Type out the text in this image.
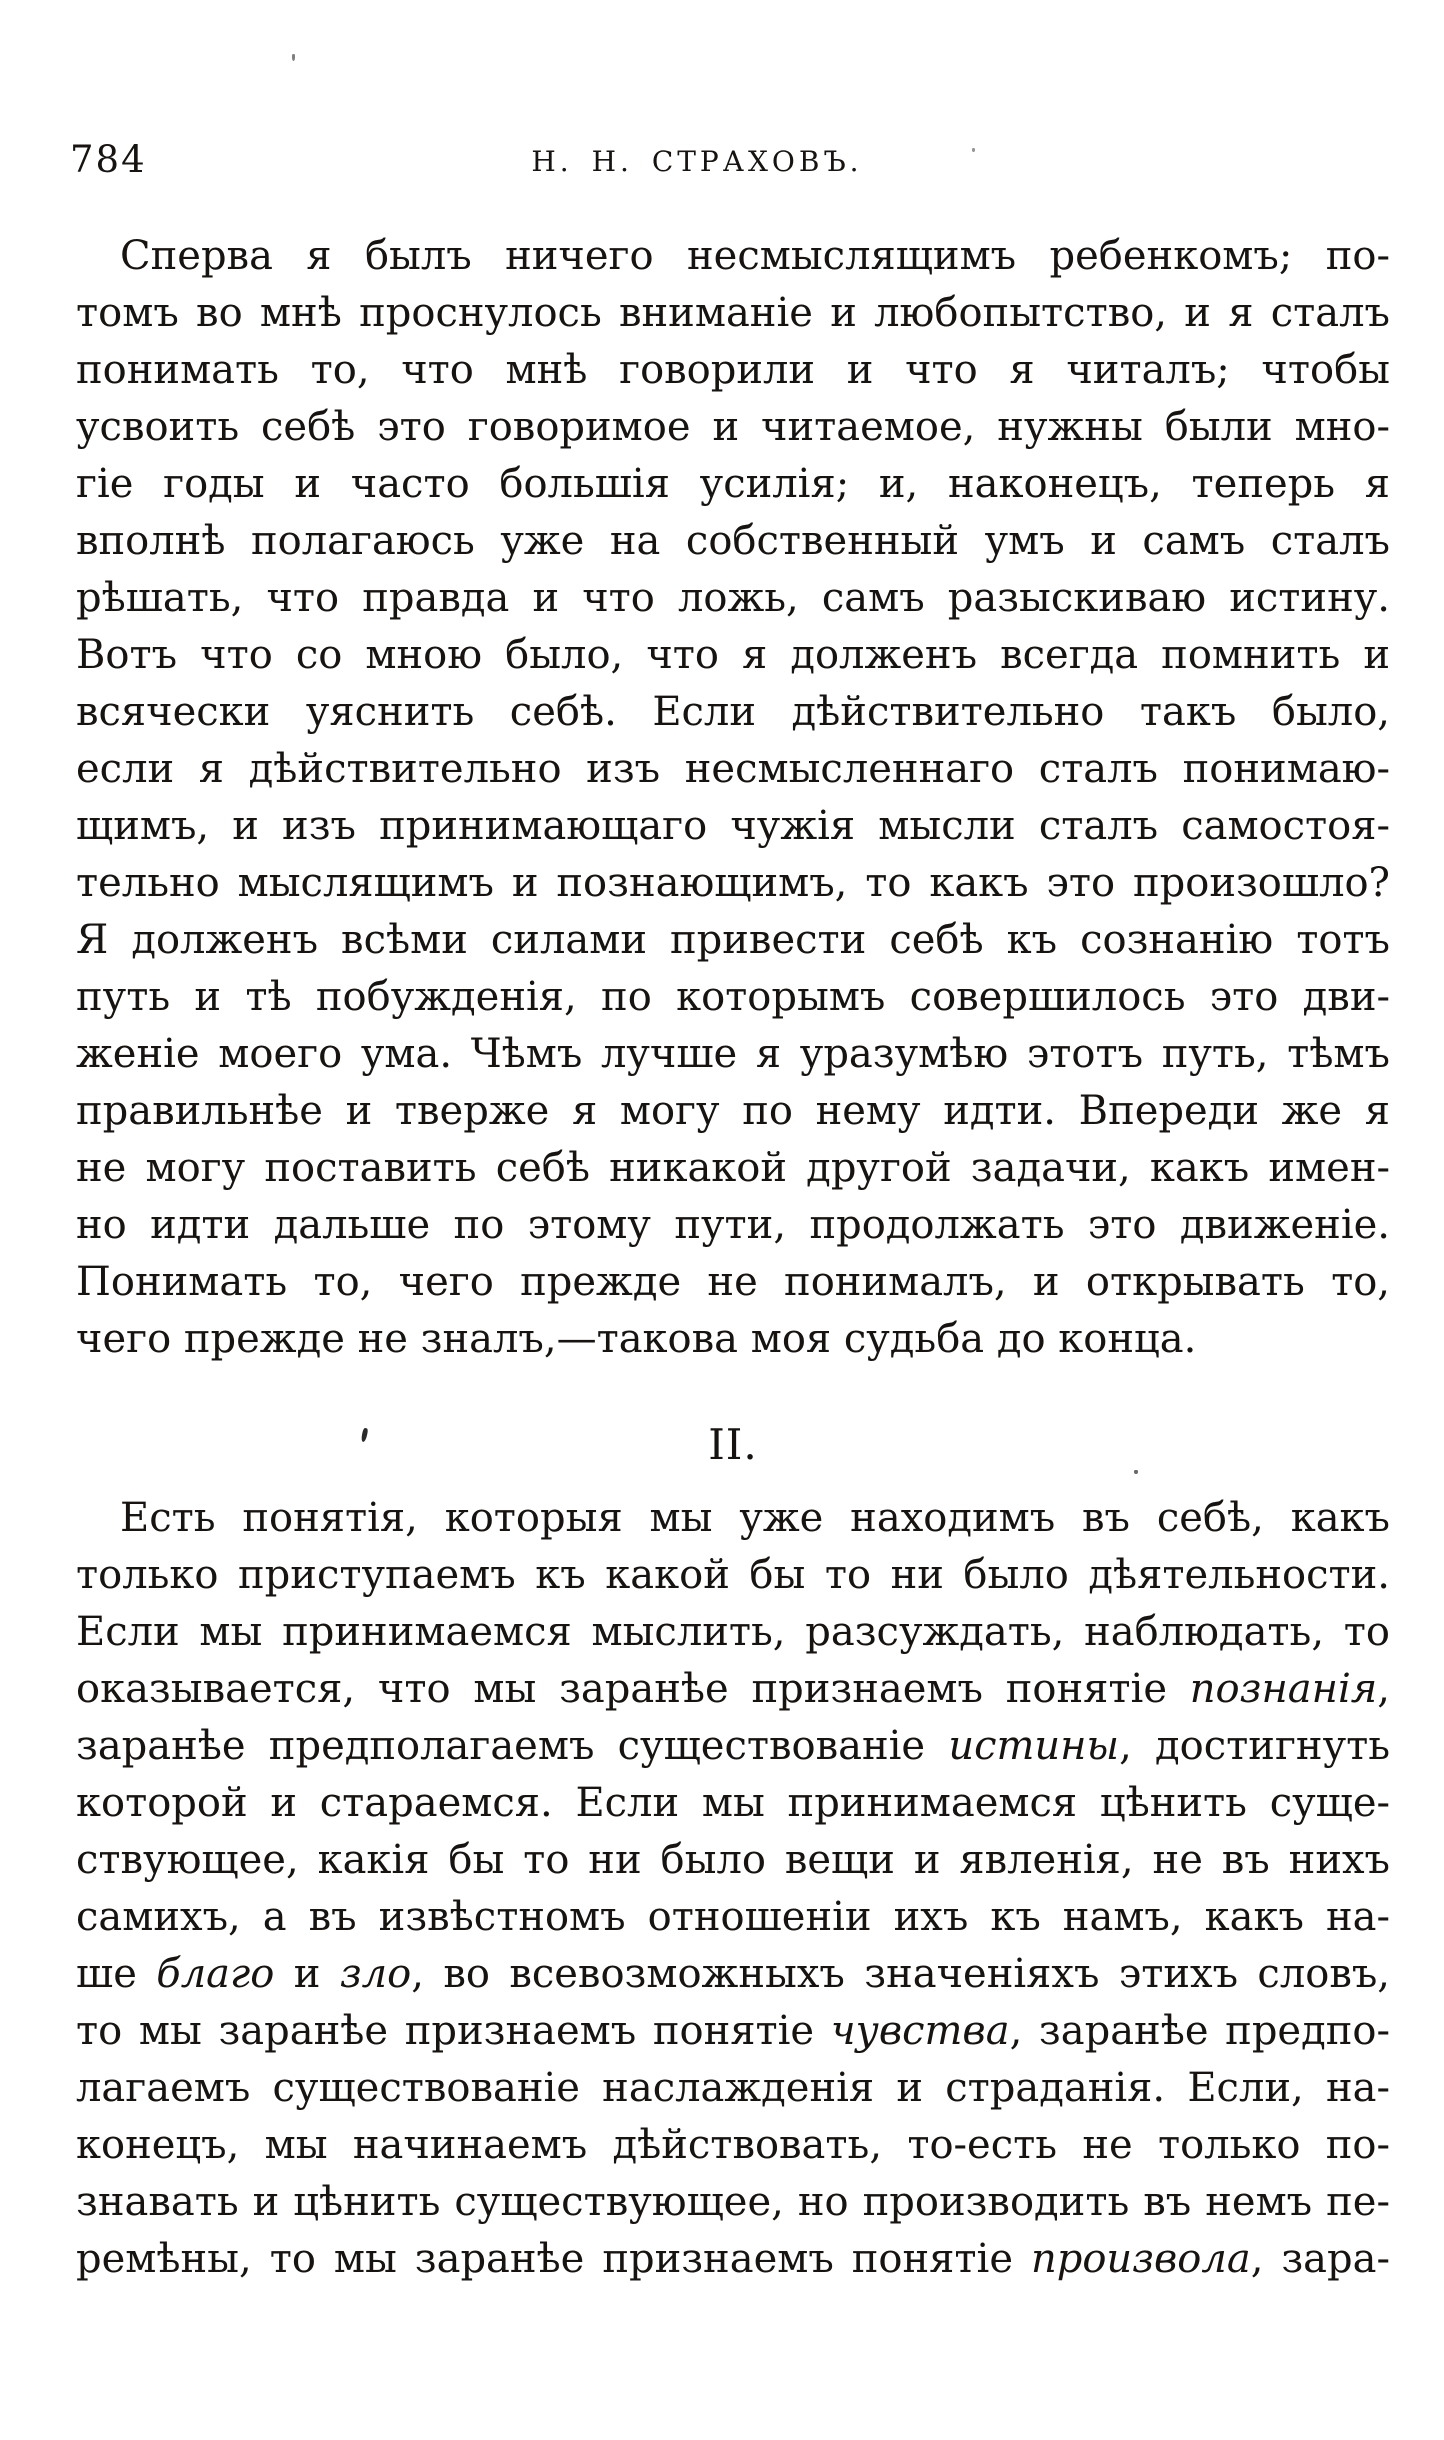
784	Н. Н. СТРАХОВЪ.
Сперва я былъ ничего несмыслящимъ ребенкомъ; по-
томъ во мнѣ проснулось вниманіе и любопытство, и я сталъ
понимать то, что мнѣ говорили и что я читалъ; чтобы
усвоить себѣ это говоримое и читаемое, нужны были мно-
гіе годы и часто большія усилія; и, наконецъ, теперь я
вполнѣ полагаюсь уже на собственный умъ и самъ сталъ
рѣшать, что правда и что ложь, самъ разыскиваю истину.
Вотъ что со мною было, что я долженъ всегда помнить и
всячески уяснить себѣ. Если дѣйствительно такъ было,
если я дѣйствительно изъ несмысленнаго сталъ понимаю-
щимъ, и изъ принимающаго чужія мысли сталъ самостоя-
тельно мыслящимъ и познающимъ, то какъ это произошло?
Я долженъ всѣми силами привести себѣ къ сознанію тотъ
путь и тѣ побужденія, по которымъ совершилось это дви-
женіе моего ума. Чѣмъ лучше я уразумѣю этотъ путь, тѣмъ
правильнѣе и тверже я могу по нему идти. Впереди же я
не могу поставить себѣ никакой другой задачи, какъ имен-
но идти дальше по этому пути, продолжать это движеніе.
Понимать то, чего прежде не понималъ, и открывать то,
чего прежде не зналъ,—такова моя судьба до конца.
II.
Есть понятія, которыя мы уже находимъ въ себѣ, какъ
только приступаемъ къ какой бы то ни было дѣятельности.
Если мы принимаемся мыслить, разсуждать, наблюдать, то
оказывается, что мы заранѣе признаемъ понятіе познанія,
заранѣе предполагаемъ существованіе истины, достигнуть
которой и стараемся. Если мы принимаемся цѣнить суще-
ствующее, какія бы то ни было вещи и явленія, не въ нихъ
самихъ, а въ извѣстномъ отношеніи ихъ къ намъ, какъ на-
ше благо и зло, во всевозможныхъ значеніяхъ этихъ словъ,
то мы заранѣе признаемъ понятіе чувства, заранѣе предпо-
лагаемъ существованіе наслажденія и страданія. Если, на-
конецъ, мы начинаемъ дѣйствовать, то-есть не только по-
знавать и цѣнить существующее, но производить въ немъ пе-
ремѣны, то мы заранѣе признаемъ понятіе произвола, зара-
